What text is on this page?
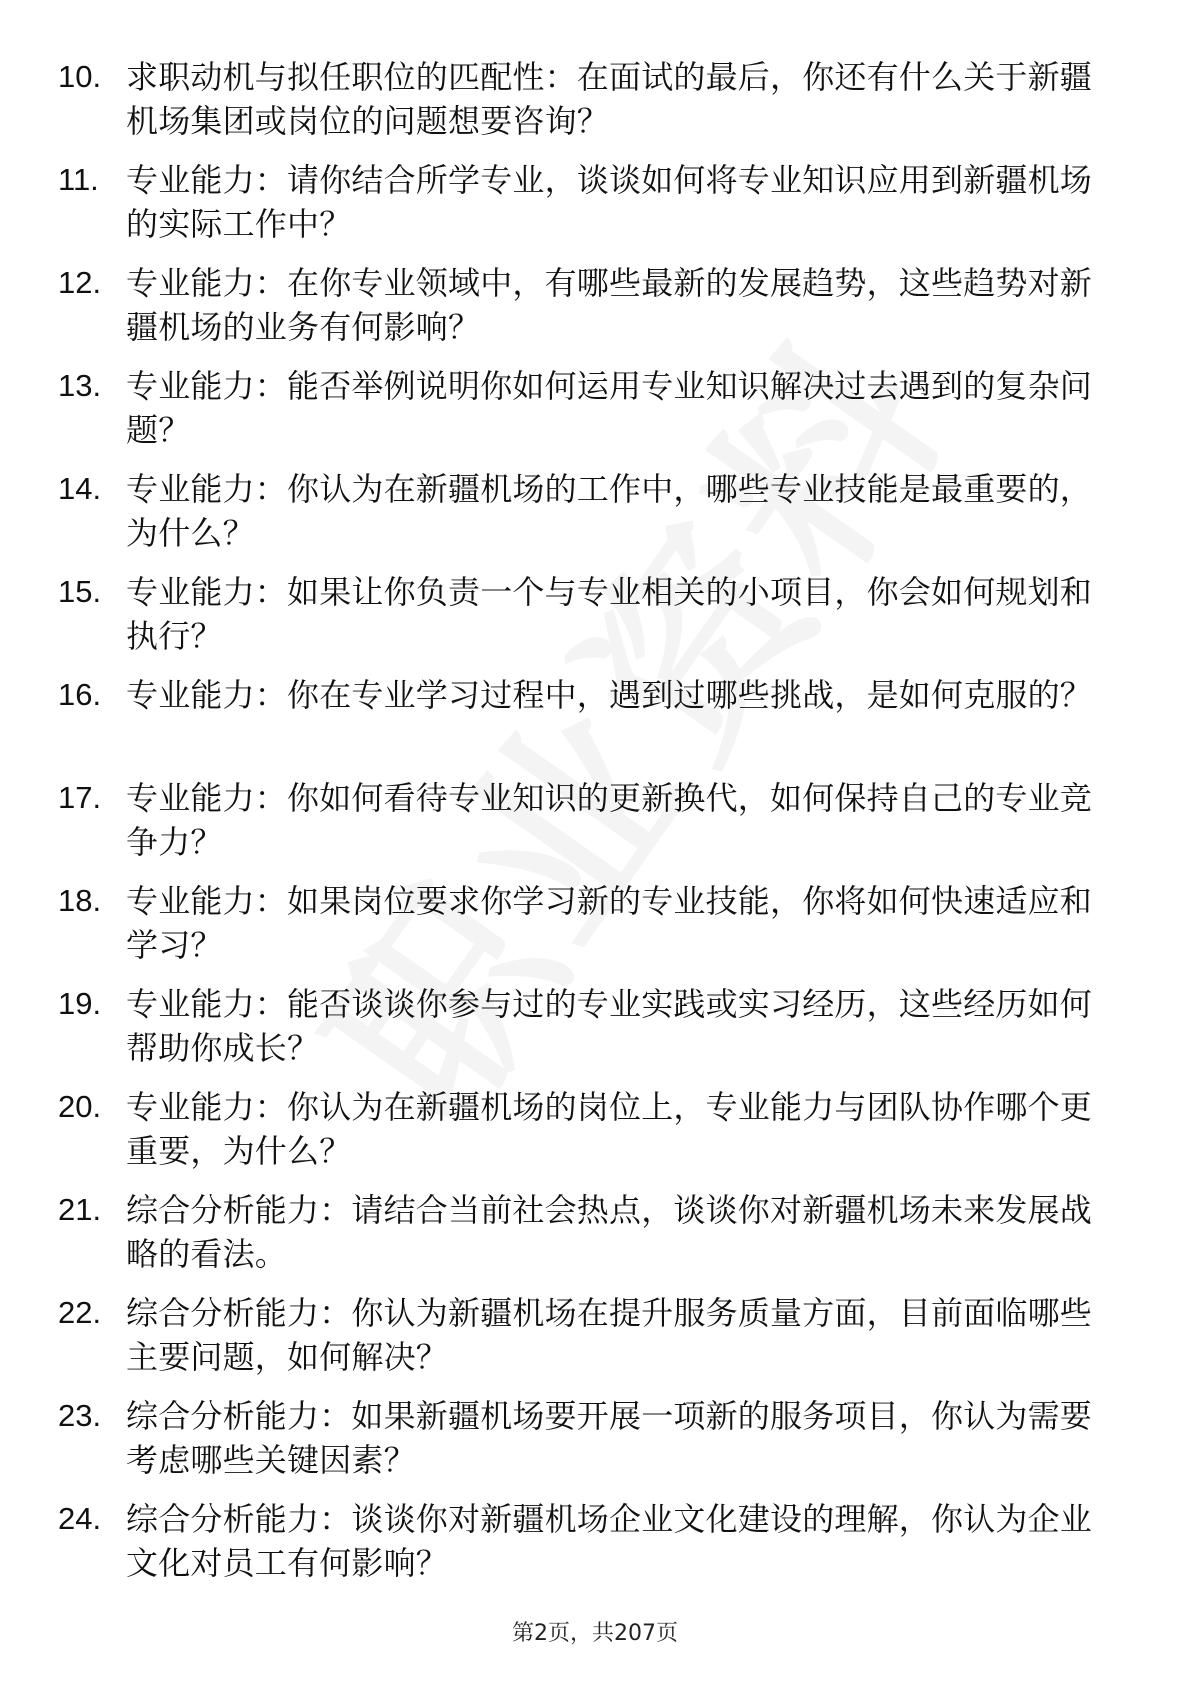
10. 求职动机与拟任职位的匹配性：在面试的最后，你还有什么关于新疆机场集团或岗位的问题想要咨询？
11. 专业能力：请你结合所学专业，谈谈如何将专业知识应用到新疆机场的实际工作中？
12. 专业能力：在你专业领域中，有哪些最新的发展趋势，这些趋势对新疆机场的业务有何影响？
13. 专业能力：能否举例说明你如何运用专业知识解决过去遇到的复杂问题？
14. 专业能力：你认为在新疆机场的工作中，哪些专业技能是最重要的，为什么？
15. 专业能力：如果让你负责一个与专业相关的小项目，你会如何规划和执行？
16. 专业能力：你在专业学习过程中，遇到过哪些挑战，是如何克服的？
17. 专业能力：你如何看待专业知识的更新换代，如何保持自己的专业竞争力？
18. 专业能力：如果岗位要求你学习新的专业技能，你将如何快速适应和学习？
19. 专业能力：能否谈谈你参与过的专业实践或实习经历，这些经历如何帮助你成长？
20. 专业能力：你认为在新疆机场的岗位上，专业能力与团队协作哪个更重要，为什么？
21. 综合分析能力：请结合当前社会热点，谈谈你对新疆机场未来发展战略的看法。
22. 综合分析能力：你认为新疆机场在提升服务质量方面，目前面临哪些主要问题，如何解决？
23. 综合分析能力：如果新疆机场要开展一项新的服务项目，你认为需要考虑哪些关键因素？
24. 综合分析能力：谈谈你对新疆机场企业文化建设的理解，你认为企业文化对员工有何影响？
第2页，共207页
